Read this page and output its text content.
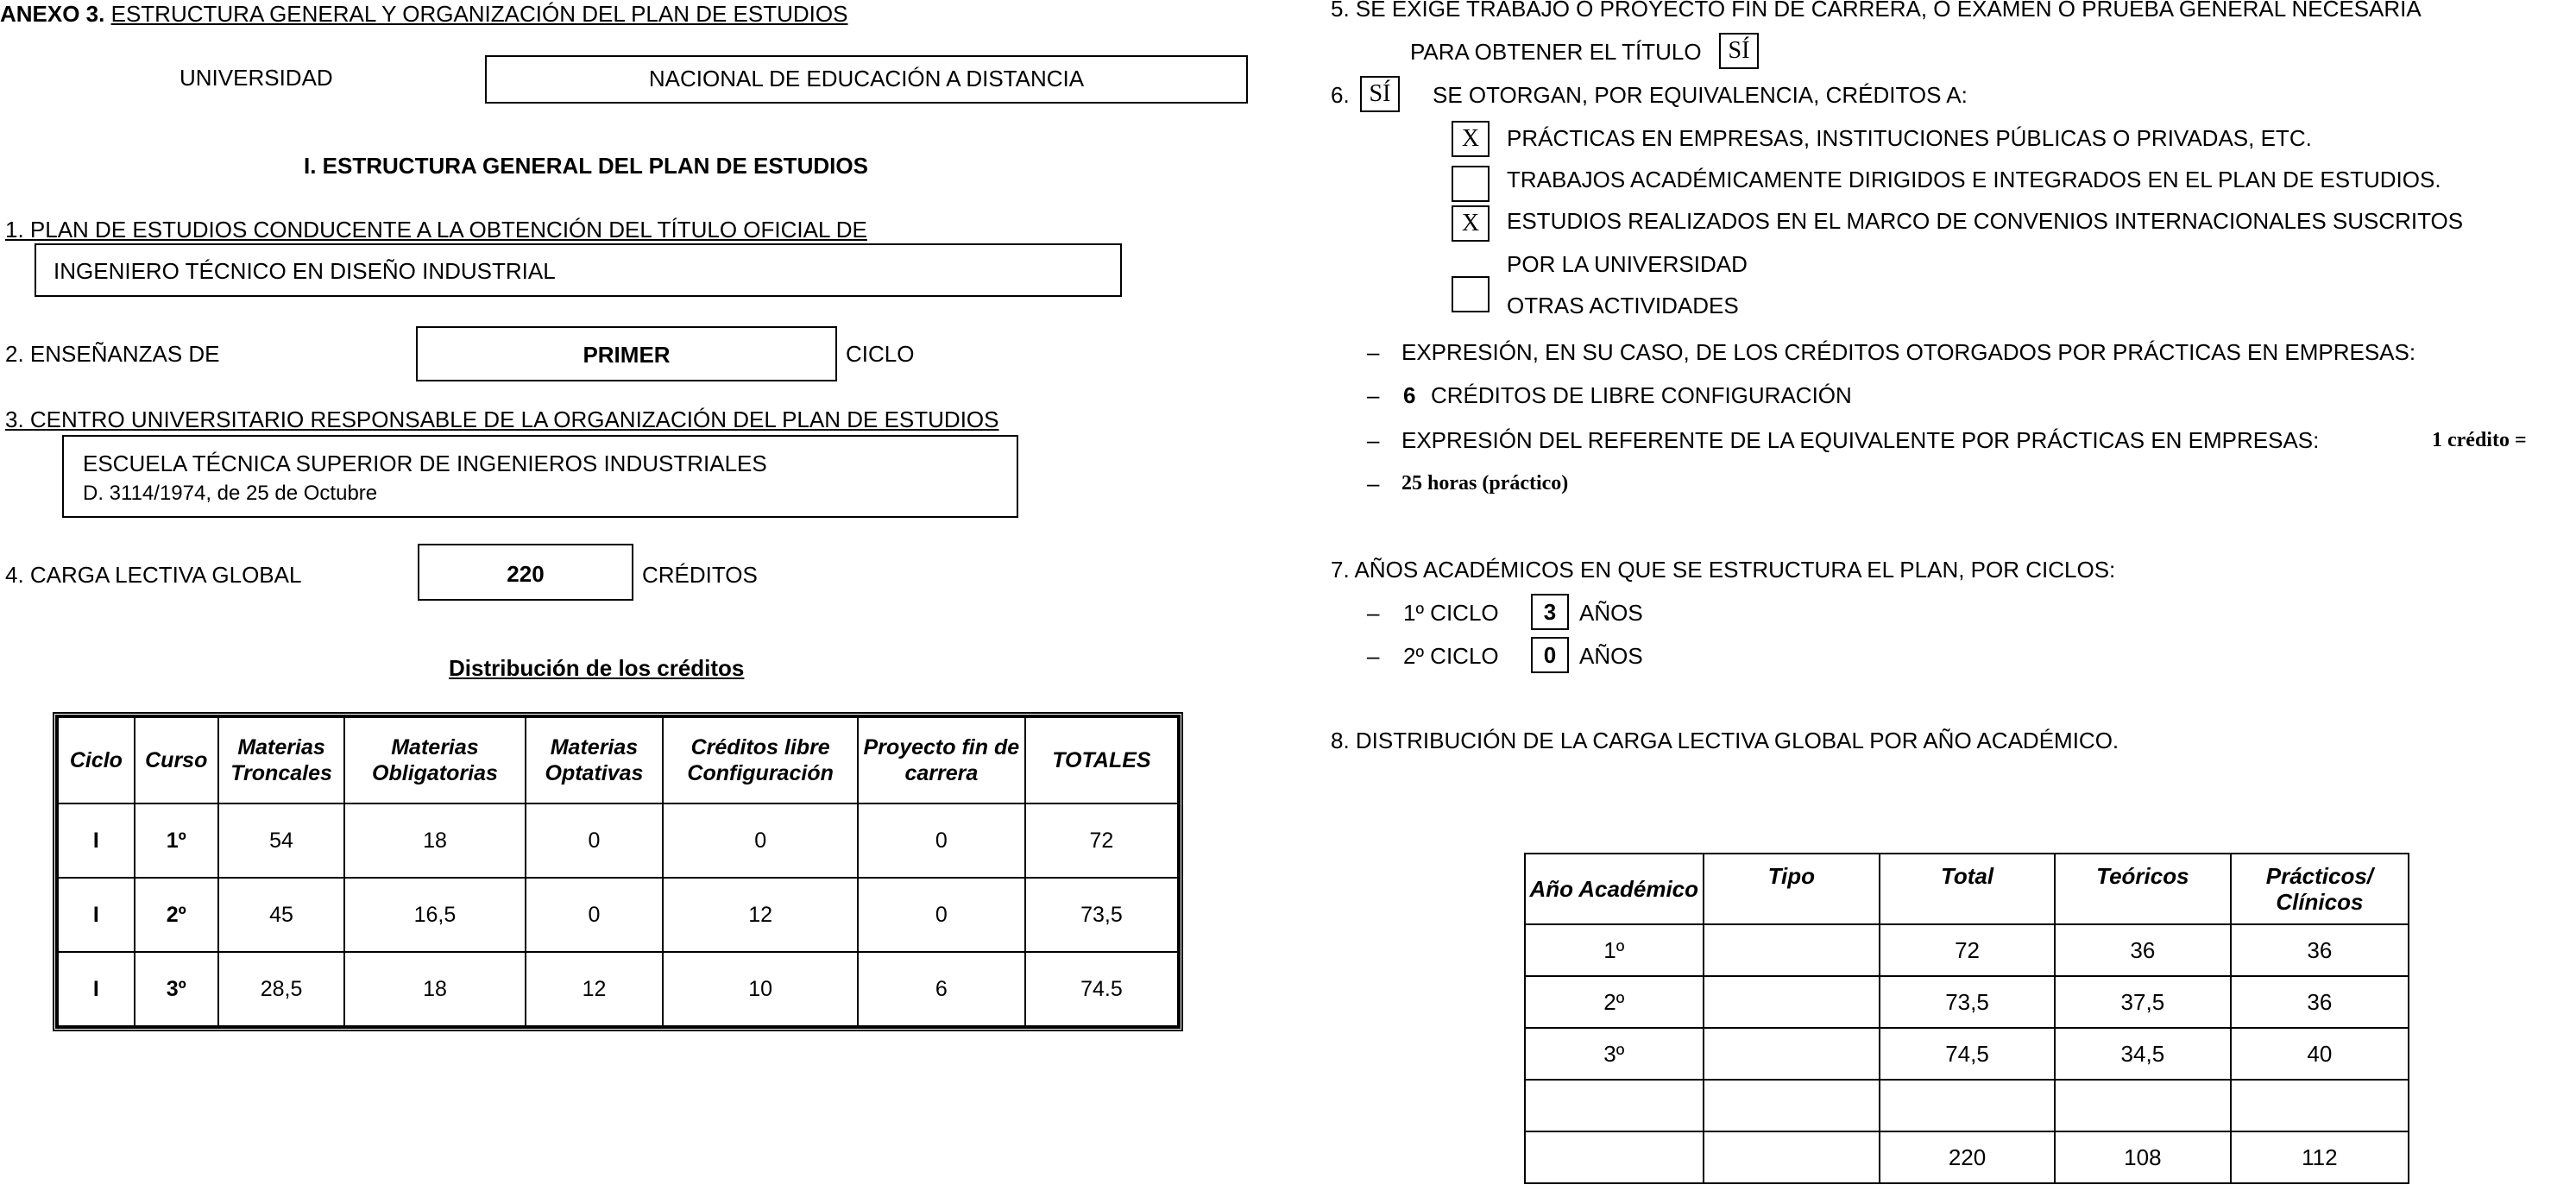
ANEXO 3. ESTRUCTURA GENERAL Y ORGANIZACIÓN DEL PLAN DE ESTUDIOS
UNIVERSIDAD	NACIONAL DE EDUCACIÓN A DISTANCIA
I. ESTRUCTURA GENERAL DEL PLAN DE ESTUDIOS
1. PLAN DE ESTUDIOS CONDUCENTE A LA OBTENCIÓN DEL TÍTULO OFICIAL DE
INGENIERO TÉCNICO EN DISEÑO INDUSTRIAL
2. ENSEÑANZAS DE	PRIMER	CICLO
3. CENTRO UNIVERSITARIO RESPONSABLE DE LA ORGANIZACIÓN DEL PLAN DE ESTUDIOS
ESCUELA TÉCNICA SUPERIOR DE INGENIEROS INDUSTRIALES
D. 3114/1974, de 25 de Octubre
4. CARGA LECTIVA GLOBAL	220	CRÉDITOS
Distribución de los créditos
Ciclo	Curso	Materias Troncales	Materias Obligatorias	Materias Optativas	Créditos libre Configuración	Proyecto fin de carrera	TOTALES
I	1º	54	18	0	0	0	72
I	2º	45	16,5	0	12	0	73,5
I	3º	28,5	18	12	10	6	74.5
5. SE EXIGE TRABAJO O PROYECTO FIN DE CARRERA, O EXAMEN O PRUEBA GENERAL NECESARIA
PARA OBTENER EL TÍTULO	SÍ
6. SÍ	SE OTORGAN, POR EQUIVALENCIA, CRÉDITOS A:
X	PRÁCTICAS EN EMPRESAS, INSTITUCIONES PÚBLICAS O PRIVADAS, ETC.
TRABAJOS ACADÉMICAMENTE DIRIGIDOS E INTEGRADOS EN EL PLAN DE ESTUDIOS.
X	ESTUDIOS REALIZADOS EN EL MARCO DE CONVENIOS INTERNACIONALES SUSCRITOS
POR LA UNIVERSIDAD
OTRAS ACTIVIDADES
– EXPRESIÓN, EN SU CASO, DE LOS CRÉDITOS OTORGADOS POR PRÁCTICAS EN EMPRESAS:
– 6 CRÉDITOS DE LIBRE CONFIGURACIÓN
– EXPRESIÓN DEL REFERENTE DE LA EQUIVALENTE POR PRÁCTICAS EN EMPRESAS:	1 crédito =
– 25 horas (práctico)
7. AÑOS ACADÉMICOS EN QUE SE ESTRUCTURA EL PLAN, POR CICLOS:
– 1º CICLO	3	AÑOS
– 2º CICLO	0	AÑOS
8. DISTRIBUCIÓN DE LA CARGA LECTIVA GLOBAL POR AÑO ACADÉMICO.
Año Académico	Tipo	Total	Teóricos	Prácticos/ Clínicos
1º		72	36	36
2º		73,5	37,5	36
3º		74,5	34,5	40

		220	108	112
